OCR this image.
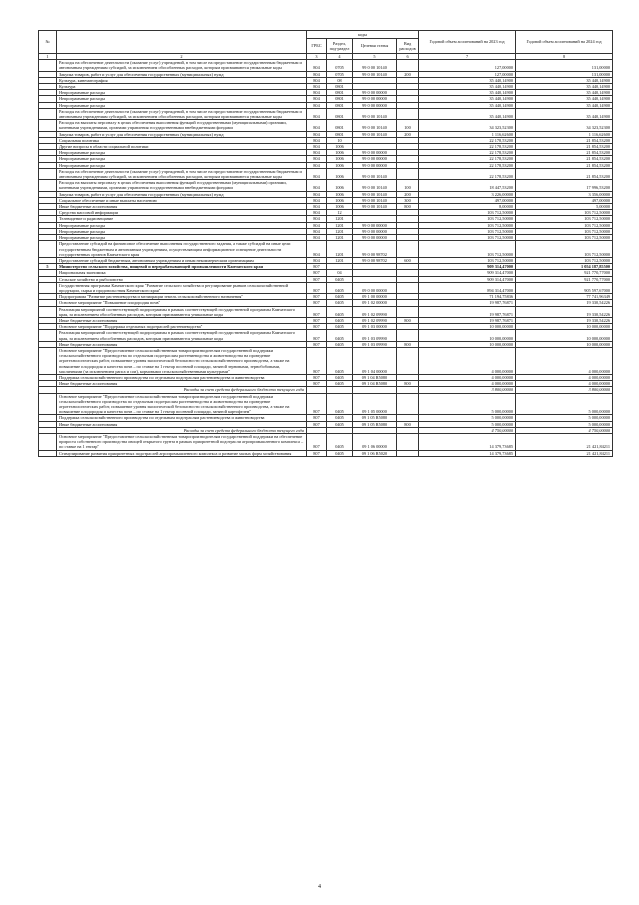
№		коды				Годовой объем ассигнований на 2023 год	Годовой объем ассигнований на 2024 год
		ГРБС	Раздел, под-раздел	Целевая статья	Вид расходов		
1	2	3	4	5	6	7	8
	Расходы на обеспечение деятельности (оказание услуг) учреждений, в том числе на предоставление государственным бюджетным и автономным учреждениям субсидий, за исключением обособленных расходов, которым присваиваются уникальные коды	804	0705	99 0 00 10140		127,00000	131,00000
	Закупка товаров, работ и услуг для обеспечения государственных (муниципальных) нужд	804	0705	99 0 00 10140	200	127,00000	131,00000
	Культура, кинематография	804	08			35 440,14900	35 440,14900
	Культура	804	0801			35 440,14900	35 440,14900
	Непрограммные расходы	804	0801	99 0 00 00000		35 440,14900	35 440,14900
	Непрограммные расходы	804	0801	99 0 00 00000		35 440,14900	35 440,14900
	Непрограммные расходы	804	0801	99 0 00 00000		35 440,14900	35 440,14900
	Расходы на обеспечение деятельности (оказание услуг) учреждений, в том числе на предоставление государственным бюджетным и автономным учреждениям субсидий, за исключением обособленных расходов, которым присваиваются уникальные коды	804	0801	99 0 00 10140		35 440,14900	35 440,14900
	Расходы на выплаты персоналу в целях обеспечения выполнения функций государственными (муниципальными) органами, казенными учреждениями, органами управления государственными внебюджетными фондами	804	0801	99 0 00 10140	100	34 323,52300	34 323,52300
	Закупка товаров, работ и услуг для обеспечения государственных (муниципальных) нужд	804	0801	99 0 00 10140	200	1 116,62600	1 116,62600
	Социальная политика	804	10			22 178,53200	21 854,53200
	Другие вопросы в области социальной политики	804	1006			22 178,53200	21 854,53200
	Непрограммные расходы	804	1006	99 0 00 00000		22 178,53200	21 854,53200
	Непрограммные расходы	804	1006	99 0 00 00000		22 178,53200	21 854,53200
	Непрограммные расходы	804	1006	99 0 00 00000		22 178,53200	21 854,53200
	Расходы на обеспечение деятельности (оказание услуг) учреждений, в том числе на предоставление государственным бюджетным и автономным учреждениям субсидий, за исключением обособленных расходов, которым присваиваются уникальные коды	804	1006	99 0 00 10140		22 178,53200	21 854,53200
	Расходы на выплаты персоналу в целях обеспечения выполнения функций государственными (муниципальными) органами, казенными учреждениями, органами управления государственными внебюджетными фондами	804	1006	99 0 00 10140	100	18 447,53200	17 996,53200
	Закупка товаров, работ и услуг для обеспечения государственных (муниципальных) нужд	804	1006	99 0 00 10140	200	3 226,00000	3 356,00000
	Социальное обеспечение и иные выплаты населению	804	1006	99 0 00 10140	300	497,00000	497,00000
	Иные бюджетные ассигнования	804	1006	99 0 00 10140	800	8,00000	5,00000
	Средства массовой информации	804	12			103 712,50000	103 712,50000
	Телевидение и радиовещание	804	1201			103 712,50000	103 712,50000
	Непрограммные расходы	804	1201	99 0 00 00000		103 712,50000	103 712,50000
	Непрограммные расходы	804	1201	99 0 00 00000		103 712,50000	103 712,50000
	Непрограммные расходы	804	1201	99 0 00 00000		103 712,50000	103 712,50000
	Предоставление субсидий на финансовое обеспечение выполнения государственного задания, а также субсидий на иные цели государственным бюджетным и автономным учреждениям, осуществляющим информационное освещение деятельности государственных органов Камчатского края	804	1201	99 0 00 98702		103 712,50000	103 712,50000
	Предоставление субсидий бюджетным, автономным учреждениям и иным некоммерческим организациям	804	1201	99 0 00 98702	600	103 712,50000	103 712,50000
5	Министерство сельского хозяйства, пищевой и перерабатывающей промышленности Камчатского края	807				909 314,47000	1 054 187,85500
	Национальная экономика	807	04			909 314,47000	921 770,77000
	Сельское хозяйство и рыболовство	807	0405			909 314,47000	921 770,77000
	Государственная программа Камчатского края "Развитие сельского хозяйства и регулирование рынков сельскохозяйственной продукции, сырья и продовольствия Камчатского края"	807	0405	09 0 00 00000		894 314,47000	905 597,67000
	Подпрограмма "Развитие растениеводства и мелиорации земель сельскохозяйственного назначения"	807	0405	09 1 00 00000		71 194,75836	77 741,96349
	Основное мероприятие "Повышение плодородия почв"	807	0405	09 1 02 00000		19 987,76871	19 330,54226
	Реализация мероприятий соответствующей подпрограммы в рамках соответствующей государственной программы Камчатского края, за исключением обособленных расходов, которым присваиваются уникальные коды	807	0405	09 1 02 09990		19 987,76871	19 330,54226
	Иные бюджетные ассигнования	807	0405	09 1 02 09990	800	19 987,76871	19 330,54226
	Основное мероприятие "Поддержка отдельных подотраслей растениеводства"	807	0405	09 1 03 00000		10 000,00000	10 000,00000
	Реализация мероприятий соответствующей подпрограммы в рамках соответствующей государственной программы Камчатского края, за исключением обособленных расходов, которым присваиваются уникальные коды	807	0405	09 1 03 09990		10 000,00000	10 000,00000
	Иные бюджетные ассигнования	807	0405	09 1 03 09990	800	10 000,00000	10 000,00000
	Основное мероприятие "Предоставление сельскохозяйственным товаропроизводителям государственной поддержки сельскохозяйственного производства по отдельным подотраслям растениеводства и животноводства на проведение агротехнологических работ, повышение уровня экологической безопасности сельскохозяйственного производства, а также на повышение плодородия и качества почв – по ставке на 1 гектар посевной площади, занятой зерновыми, зернобобовыми, масличными (за исключением рапса и сои), кормовыми сельскохозяйственными культурами"	807	0405	09 1 04 00000		4 000,00000	4 000,00000
	Поддержка сельскохозяйственного производства по отдельным подотраслям растениеводства и животноводства	807	0405	09 1 04 R5080		4 000,00000	4 000,00000
	Иные бюджетные ассигнования	807	0405	09 1 04 R5080	800	4 000,00000	4 000,00000
	Расходы за счет средств федерального бюджета текущего года					3 800,00000	3 800,00000
	Основное мероприятие "Предоставление сельскохозяйственным товаропроизводителям государственной поддержки сельскохозяйственного производства по отдельным подотраслям растениеводства и животноводства на проведение агротехнологических работ, повышение уровня экологической безопасности сельскохозяйственного производства, а также на повышение плодородия и качества почв – по ставке на 1 гектар посевной площади, занятой картофелем"	807	0405	09 1 05 00000		5 000,00000	5 000,00000
	Поддержка сельскохозяйственного производства по отдельным подотраслям растениеводства и животноводства	807	0405	09 1 05 R5080		5 000,00000	5 000,00000
	Иные бюджетные ассигнования	807	0405	09 1 05 R5080	800	5 000,00000	5 000,00000
	Расходы за счет средств федерального бюджета текущего года					4 750,00000	4 750,00000
	Основное мероприятие "Предоставление сельскохозяйственным товаропроизводителям государственной поддержки на обеспечение прироста собственного производства овощей открытого грунта в рамках приоритетной подотрасли агропромышленного комплекса – по ставке на 1 гектар"	807	0405	09 1 06 00000		14 379,73685	21 421,84211
	Стимулирование развития приоритетных подотраслей агропромышленного комплекса и развитие малых форм хозяйствования	807	0405	09 1 06 R5020		14 379,73685	21 421,84211
4
